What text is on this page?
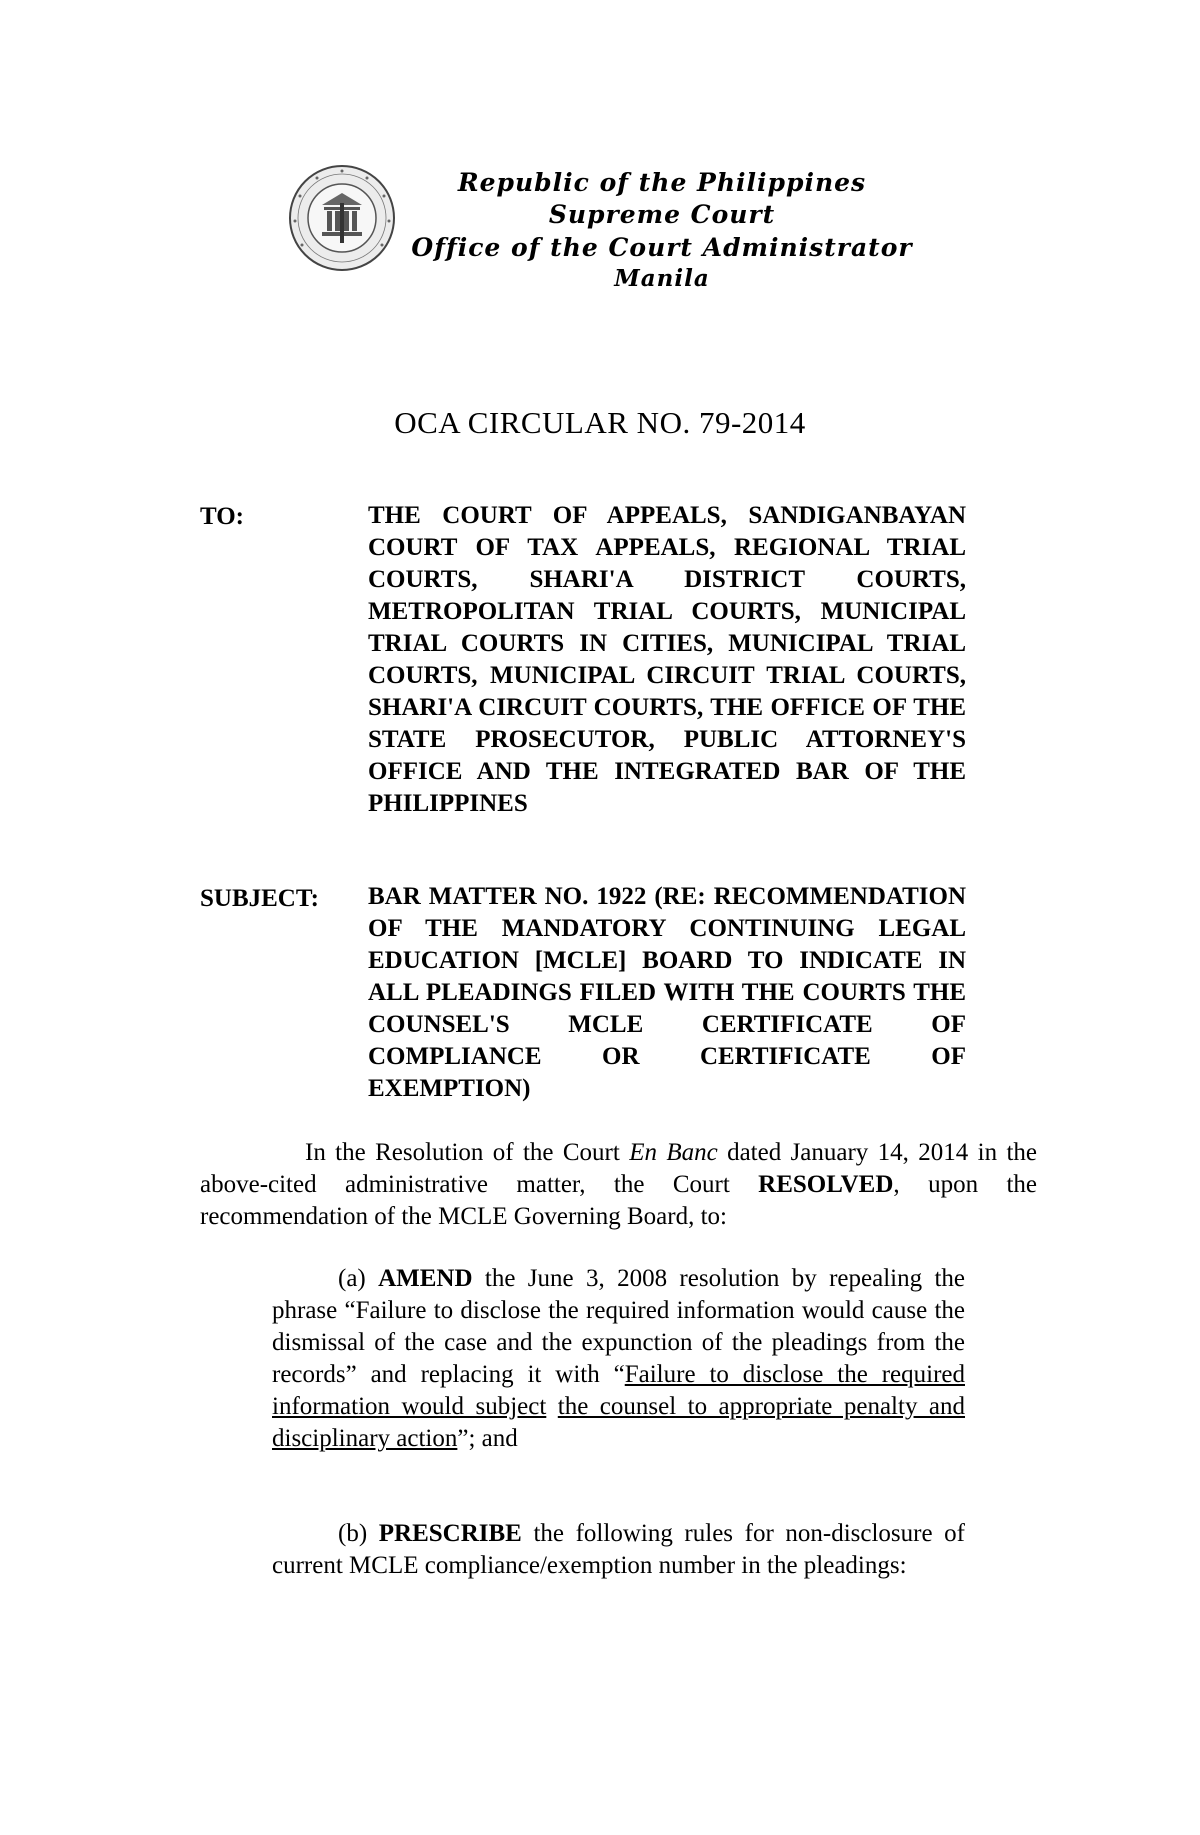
Republic of the Philippines
Supreme Court
Office of the Court Administrator
Manila
OCA CIRCULAR NO. 79-2014
TO:	THE COURT OF APPEALS, SANDIGANBAYAN COURT OF TAX APPEALS, REGIONAL TRIAL COURTS, SHARI'A DISTRICT COURTS, METROPOLITAN TRIAL COURTS, MUNICIPAL TRIAL COURTS IN CITIES, MUNICIPAL TRIAL COURTS, MUNICIPAL CIRCUIT TRIAL COURTS, SHARI'A CIRCUIT COURTS, THE OFFICE OF THE STATE PROSECUTOR, PUBLIC ATTORNEY'S OFFICE AND THE INTEGRATED BAR OF THE PHILIPPINES
SUBJECT: BAR MATTER NO. 1922 (RE: RECOMMENDATION OF THE MANDATORY CONTINUING LEGAL EDUCATION [MCLE] BOARD TO INDICATE IN ALL PLEADINGS FILED WITH THE COURTS THE COUNSEL'S MCLE CERTIFICATE OF COMPLIANCE OR CERTIFICATE OF EXEMPTION)
In the Resolution of the Court En Banc dated January 14, 2014 in the above-cited administrative matter, the Court RESOLVED, upon the recommendation of the MCLE Governing Board, to:
(a) AMEND the June 3, 2008 resolution by repealing the phrase “Failure to disclose the required information would cause the dismissal of the case and the expunction of the pleadings from the records” and replacing it with “Failure to disclose the required information would subject the counsel to appropriate penalty and disciplinary action”; and
(b) PRESCRIBE the following rules for non-disclosure of current MCLE compliance/exemption number in the pleadings:
